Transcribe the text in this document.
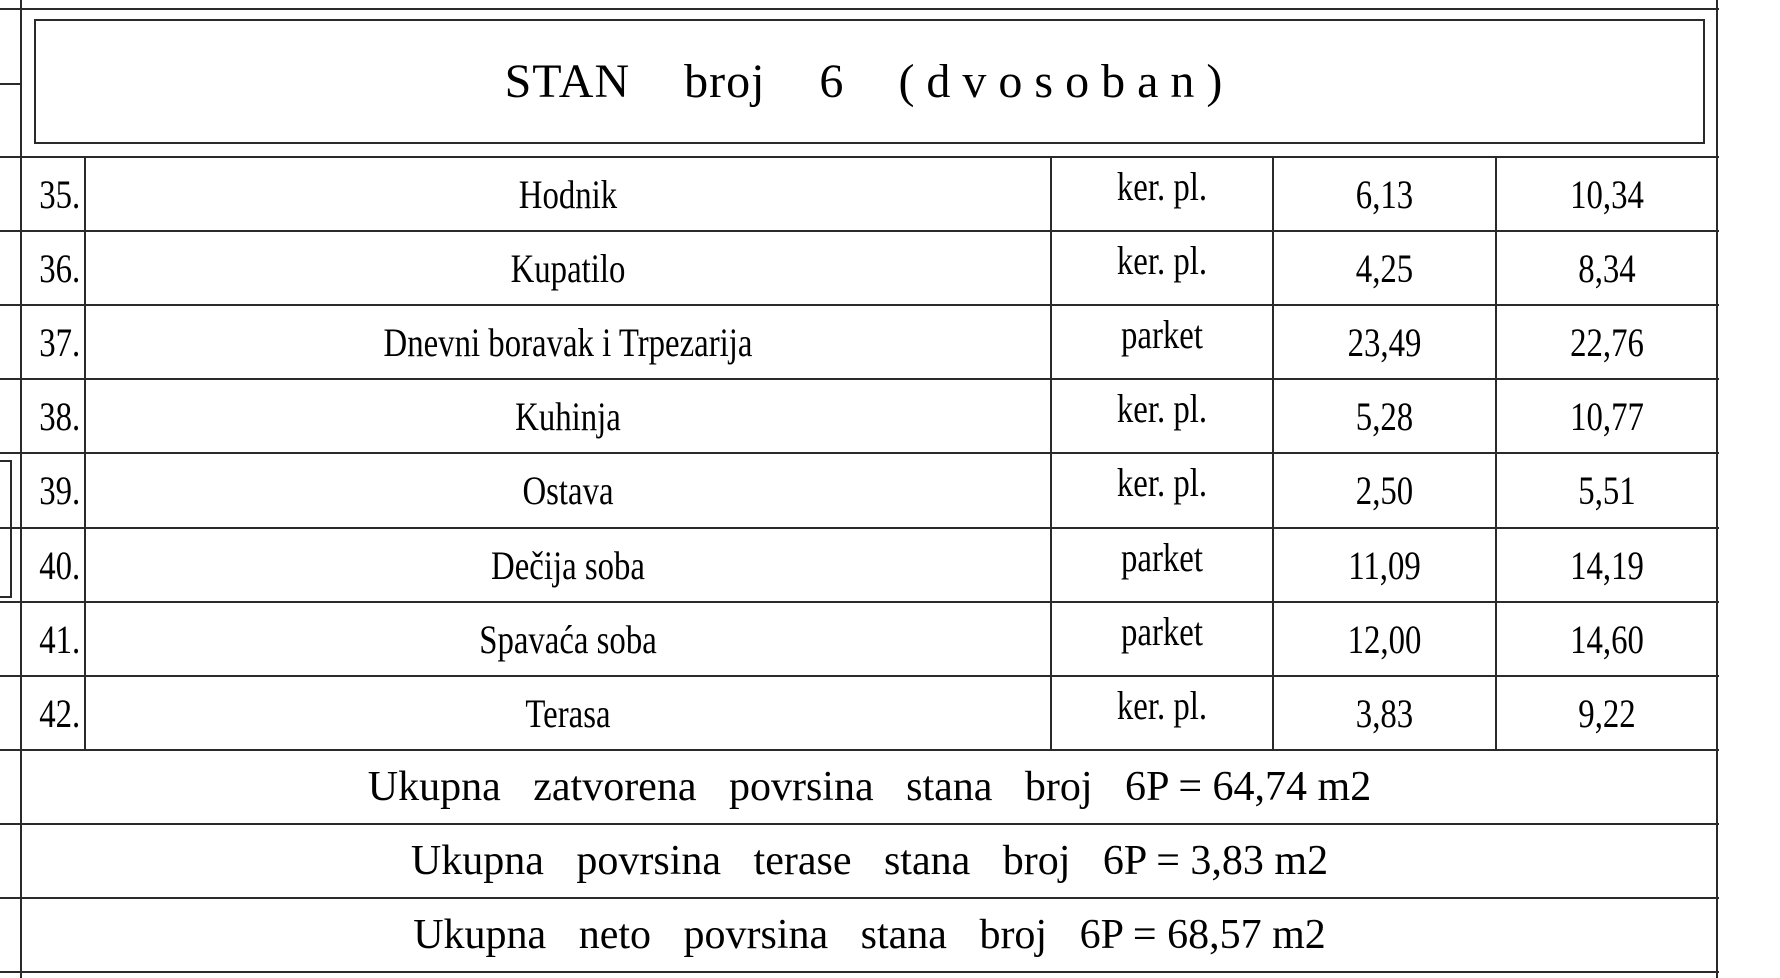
STAN  broj  6 (dvosoban)
35.	Hodnik	ker. pl.	6,13	10,34
36.	Kupatilo	ker. pl.	4,25	8,34
37.	Dnevni boravak i Trpezarija	parket	23,49	22,76
38.	Kuhinja	ker. pl.	5,28	10,77
39.	Ostava	ker. pl.	2,50	5,51
40.	Dečija soba	parket	11,09	14,19
41.	Spavaća soba	parket	12,00	14,60
42.	Terasa	ker. pl.	3,83	9,22
Ukupna zatvorena povrsina stana broj 6 P = 64,74 m2
Ukupna povrsina terase stana broj 6 P = 3,83 m2
Ukupna neto povrsina stana broj 6 P = 68,57 m2
